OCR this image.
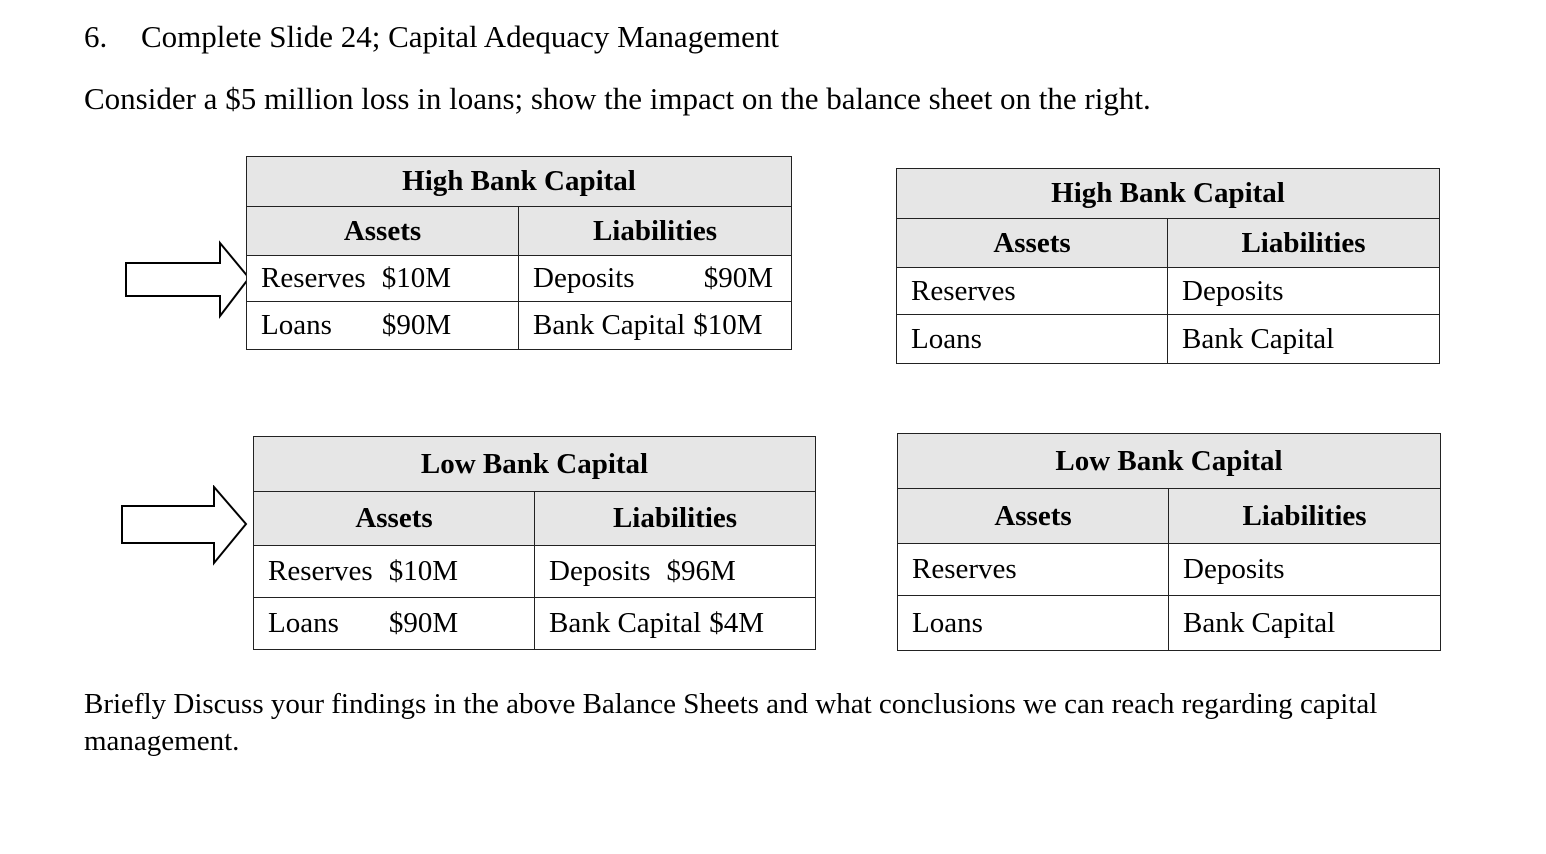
6. Complete Slide 24; Capital Adequacy Management
Consider a $5 million loss in loans; show the impact on the balance sheet on the right.
High Bank Capital	
Assets	Liabilities

Reserves $10M	Deposits $90M

Loans $90M	Bank Capital $10M
High Bank Capital	
Assets	Liabilities
Reserves	Deposits
Loans	Bank Capital
Low Bank Capital	
Assets	Liabilities

Reserves $10M	Deposits $96M

Loans $90M	Bank Capital $4M
Low Bank Capital	
Assets	Liabilities
Reserves	Deposits
Loans	Bank Capital
Briefly Discuss your findings in the above Balance Sheets and what conclusions we can reach regarding capital management.
